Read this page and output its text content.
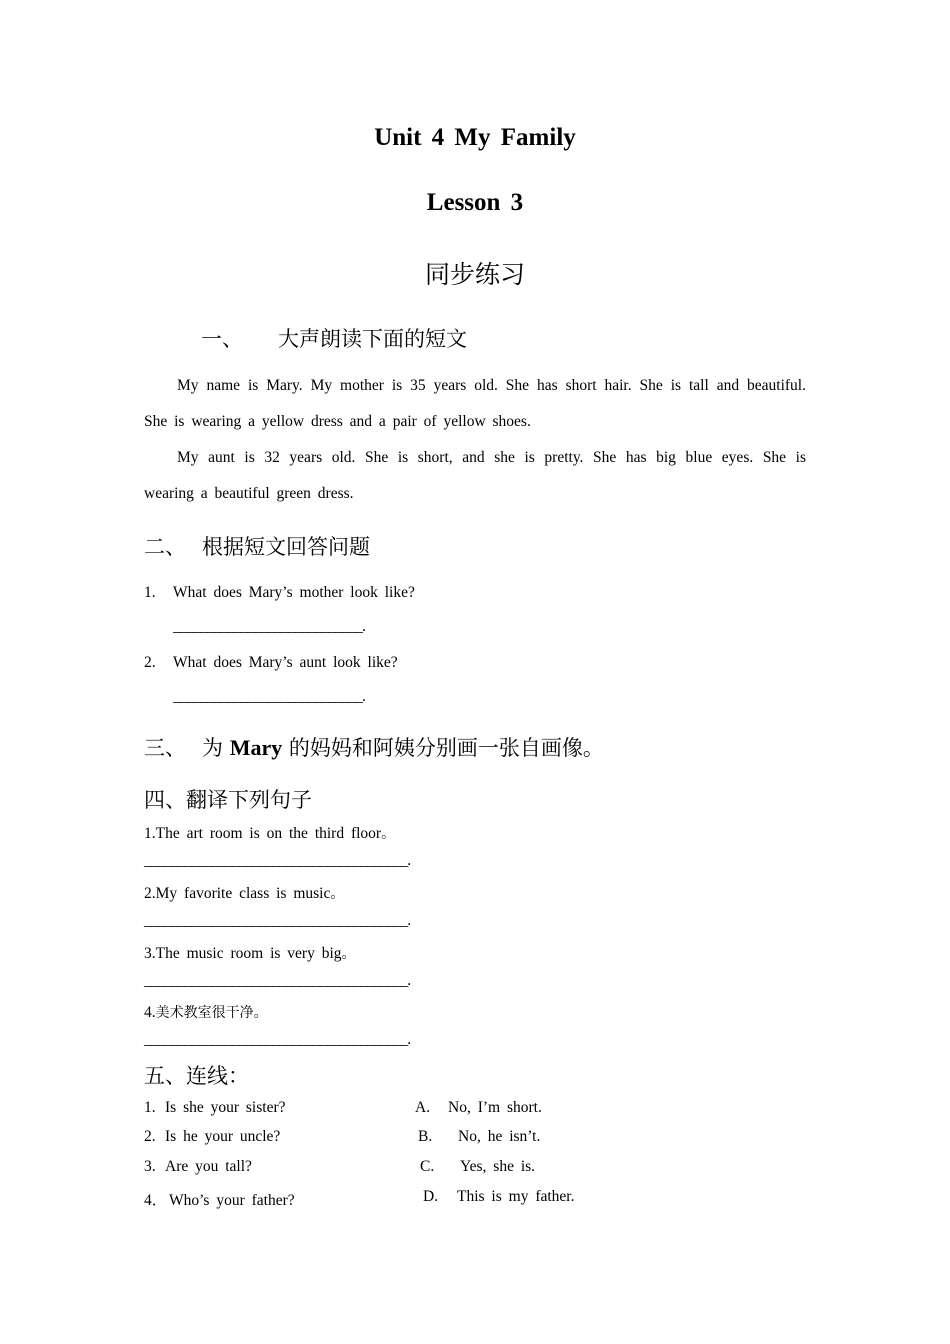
Unit 4 My Family
Lesson 3
同步练习
一、 大声朗读下面的短文
My name is Mary. My mother is 35 years old. She has short hair. She is tall and beautiful. She is wearing a yellow dress and a pair of yellow shoes.
My aunt is 32 years old. She is short, and she is pretty. She has big blue eyes. She is wearing a beautiful green dress.
二、 根据短文回答问题
1. What does Mary’s mother look like?
____________________________.
2. What does Mary’s aunt look like?
____________________________.
三、 为 Mary 的妈妈和阿姨分别画一张自画像。
四、翻译下列句子
1.The art room is on the third floor。
_______________________________________.
2.My favorite class is music。
_______________________________________.
3.The music room is very big。
_______________________________________.
4.美术教室很干净。
_______________________________________.
五、连线：
1. Is she your sister?
2. Is he your uncle?
3. Are you tall?
4． Who’s your father?
A. No, I’m short.
B. No, he isn’t.
C. Yes, she is.
D. This is my father.
